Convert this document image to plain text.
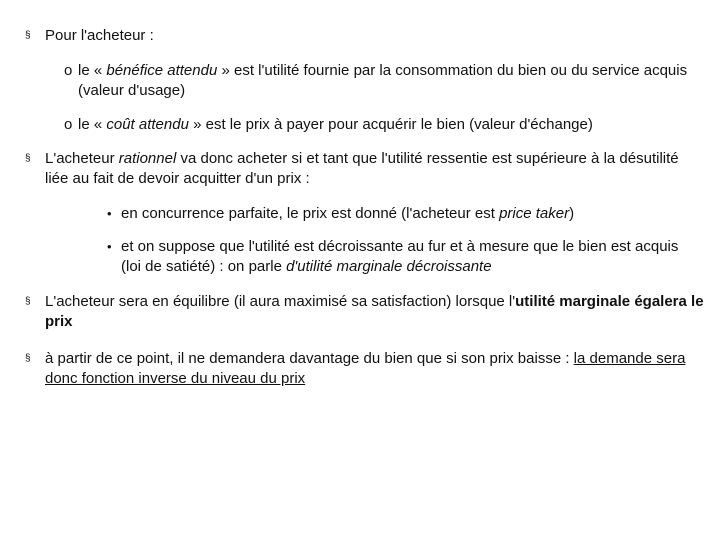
§ Pour l'acheteur :
o le « bénéfice attendu » est l'utilité fournie par la consommation du bien ou du service acquis (valeur d'usage)
o le « coût attendu » est le prix à payer pour acquérir le bien (valeur d'échange)
§ L'acheteur rationnel va donc acheter si et tant que l'utilité ressentie est supérieure à la désutilité liée au fait de devoir acquitter d'un prix :
• en concurrence parfaite, le prix est donné (l'acheteur est price taker)
• et on suppose que l'utilité est décroissante au fur et à mesure que le bien est acquis (loi de satiété) : on parle d'utilité marginale décroissante
§ L'acheteur sera en équilibre (il aura maximisé sa satisfaction) lorsque l'utilité marginale égalera le prix
§ à partir de ce point, il ne demandera davantage du bien que si son prix baisse : la demande sera donc fonction inverse du niveau du prix
